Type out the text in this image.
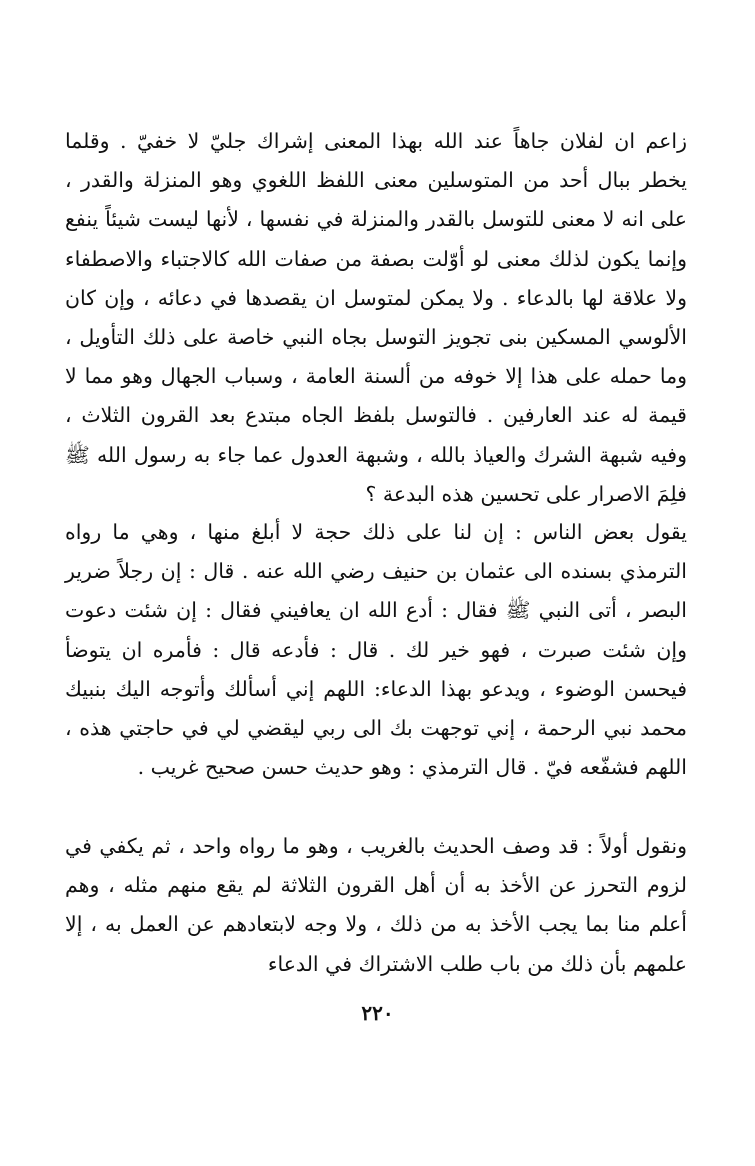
زاعم ان لفلان جاهاً عند الله بهذا المعنى إشراك جليّ لا خفيّ . وقلما يخطر ببال أحد من المتوسلين معنى اللفظ اللغوي وهو المنزلة والقدر ، على انه لا معنى للتوسل بالقدر والمنزلة في نفسها ، لأنها ليست شيئاً ينفع وإنما يكون لذلك معنى لو أوّلت بصفة من صفات الله كالاجتباء والاصطفاء ولا علاقة لها بالدعاء . ولا يمكن لمتوسل ان يقصدها في دعائه ، وإن كان الألوسي المسكين بنى تجويز التوسل بجاه النبي خاصة على ذلك التأويل ، وما حمله على هذا إلا خوفه من ألسنة العامة ، وسباب الجهال وهو مما لا قيمة له عند العارفين . فالتوسل بلفظ الجاه مبتدع بعد القرون الثلاث ، وفيه شبهة الشرك والعياذ بالله ، وشبهة العدول عما جاء به رسول الله ﷺ فلِمَ الاصرار على تحسين هذه البدعة ؟

يقول بعض الناس : إن لنا على ذلك حجة لا أبلغ منها ، وهي ما رواه الترمذي بسنده الى عثمان بن حنيف رضي الله عنه . قال : إن رجلاً ضرير البصر ، أتى النبي ﷺ فقال : أدع الله ان يعافيني فقال : إن شئت دعوت وإن شئت صبرت ، فهو خير لك . قال : فأدعه قال : فأمره ان يتوضأ فيحسن الوضوء ، ويدعو بهذا الدعاء: اللهم إني أسألك وأتوجه اليك بنبيك محمد نبي الرحمة ، إني توجهت بك الى ربي ليقضي لي في حاجتي هذه ، اللهم فشفّعه فيّ . قال الترمذي : وهو حديث حسن صحيح غريب .

ونقول أولاً : قد وصف الحديث بالغريب ، وهو ما رواه واحد ، ثم يكفي في لزوم التحرز عن الأخذ به أن أهل القرون الثلاثة لم يقع منهم مثله ، وهم أعلم منا بما يجب الأخذ به من ذلك ، ولا وجه لابتعادهم عن العمل به ، إلا علمهم بأن ذلك من باب طلب الاشتراك في الدعاء

٢٢٠
